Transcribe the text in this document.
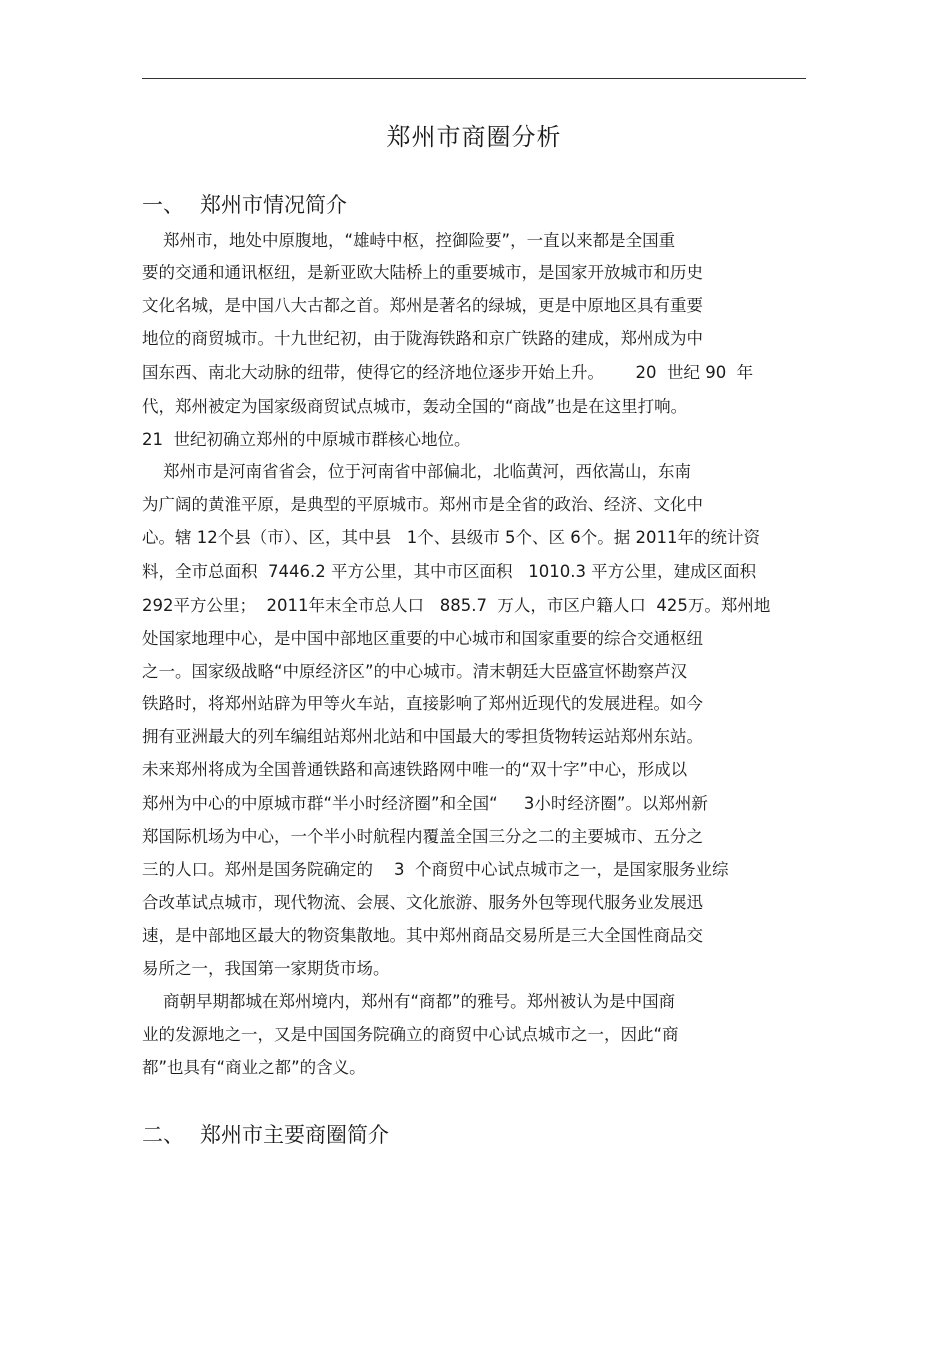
郑州市商圈分析
一、 郑州市情况简介

郑州市，地处中原腹地，“雄峙中枢，控御险要”，一直以来都是全国重

要的交通和通讯枢纽，是新亚欧大陆桥上的重要城市，是国家开放城市和历史

文化名城，是中国八大古都之首。郑州是著名的绿城，更是中原地区具有重要

地位的商贸城市。十九世纪初，由于陇海铁路和京广铁路的建成，郑州成为中

国东西、南北大动脉的纽带，使得它的经济地位逐步开始上升。      20  世纪 90  年

代，郑州被定为国家级商贸试点城市，轰动全国的“商战”也是在这里打响。

21  世纪初确立郑州的中原城市群核心地位。

郑州市是河南省省会，位于河南省中部偏北，北临黄河，西依嵩山，东南

为广阔的黄淮平原，是典型的平原城市。郑州市是全省的政治、经济、文化中

心。辖 12个县（市）、区，其中县   1个、县级市 5个、区 6个。据 2011年的统计资

料，全市总面积  7446.2 平方公里，其中市区面积   1010.3 平方公里，建成区面积

292平方公里；  2011年末全市总人口   885.7  万人，市区户籍人口  425万。郑州地

处国家地理中心，是中国中部地区重要的中心城市和国家重要的综合交通枢纽

之一。国家级战略“中原经济区”的中心城市。清末朝廷大臣盛宣怀勘察芦汉

铁路时，将郑州站辟为甲等火车站，直接影响了郑州近现代的发展进程。如今

拥有亚洲最大的列车编组站郑州北站和中国最大的零担货物转运站郑州东站。

未来郑州将成为全国普通铁路和高速铁路网中唯一的“双十字”中心，形成以

郑州为中心的中原城市群“半小时经济圈”和全国“     3小时经济圈”。以郑州新

郑国际机场为中心，一个半小时航程内覆盖全国三分之二的主要城市、五分之

三的人口。郑州是国务院确定的    3  个商贸中心试点城市之一，是国家服务业综

合改革试点城市，现代物流、会展、文化旅游、服务外包等现代服务业发展迅

速，是中部地区最大的物资集散地。其中郑州商品交易所是三大全国性商品交

易所之一，我国第一家期货市场。

商朝早期都城在郑州境内，郑州有“商都”的雅号。郑州被认为是中国商

业的发源地之一，又是中国国务院确立的商贸中心试点城市之一，因此“商

都”也具有“商业之都”的含义。

二、 郑州市主要商圈简介
